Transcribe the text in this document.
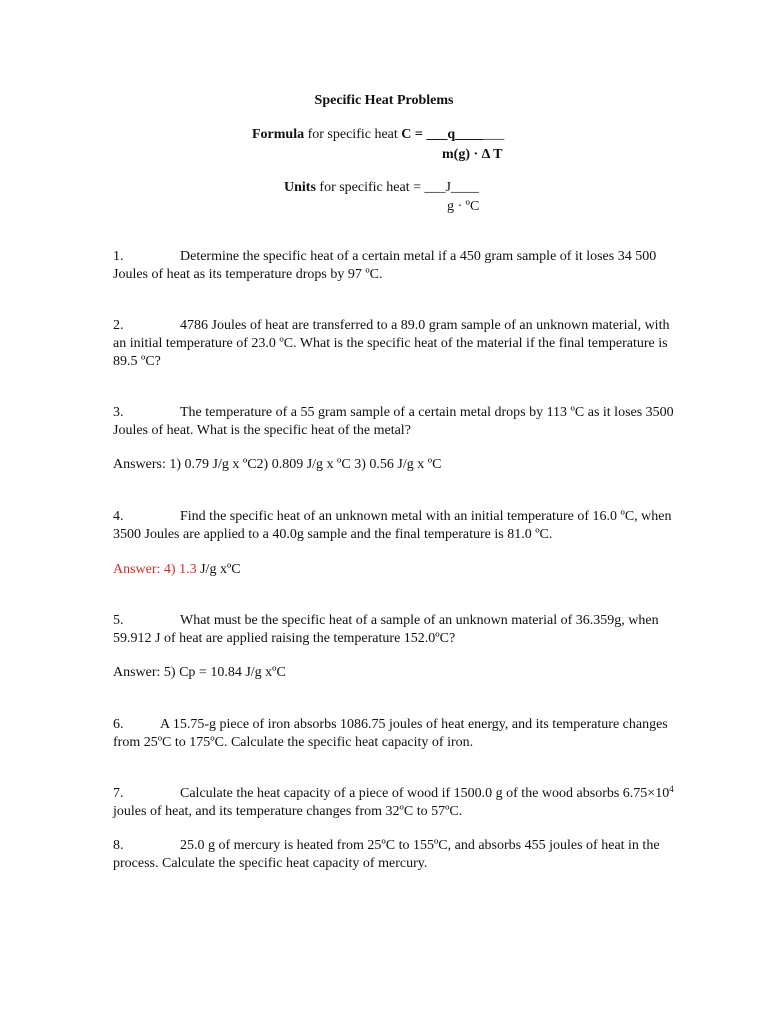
Specific Heat Problems
Formula for specific heat C = ___q_______
m(g) · Δ T
Units for specific heat = ___J____
g · ºC
1.	Determine the specific heat of a certain metal if a 450 gram sample of it loses 34 500 Joules of heat as its temperature drops by 97 ºC.
2.	4786 Joules of heat are transferred to a 89.0 gram sample of an unknown material, with an initial temperature of 23.0 ºC. What is the specific heat of the material if the final temperature is 89.5 ºC?
3.	The temperature of a 55 gram sample of a certain metal drops by 113 ºC as it loses 3500 Joules of heat. What is the specific heat of the metal?
Answers: 1) 0.79 J/g x ºC2) 0.809 J/g x ºC 3) 0.56 J/g x ºC
4.	Find the specific heat of an unknown metal with an initial temperature of 16.0 ºC, when 3500 Joules are applied to a 40.0g sample and the final temperature is 81.0 ºC.
Answer: 4) 1.3 J/g xºC
5.	What must be the specific heat of a sample of an unknown material of 36.359g, when 59.912 J of heat are applied raising the temperature 152.0ºC?
Answer: 5) Cp = 10.84 J/g xºC
6.	A 15.75-g piece of iron absorbs 1086.75 joules of heat energy, and its temperature changes from 25ºC to 175ºC. Calculate the specific heat capacity of iron.
7.	Calculate the heat capacity of a piece of wood if 1500.0 g of the wood absorbs $6.75\times 10^4$ joules of heat, and its temperature changes from 32ºC to 57ºC.
8.	25.0 g of mercury is heated from 25ºC to 155ºC, and absorbs 455 joules of heat in the process. Calculate the specific heat capacity of mercury.
